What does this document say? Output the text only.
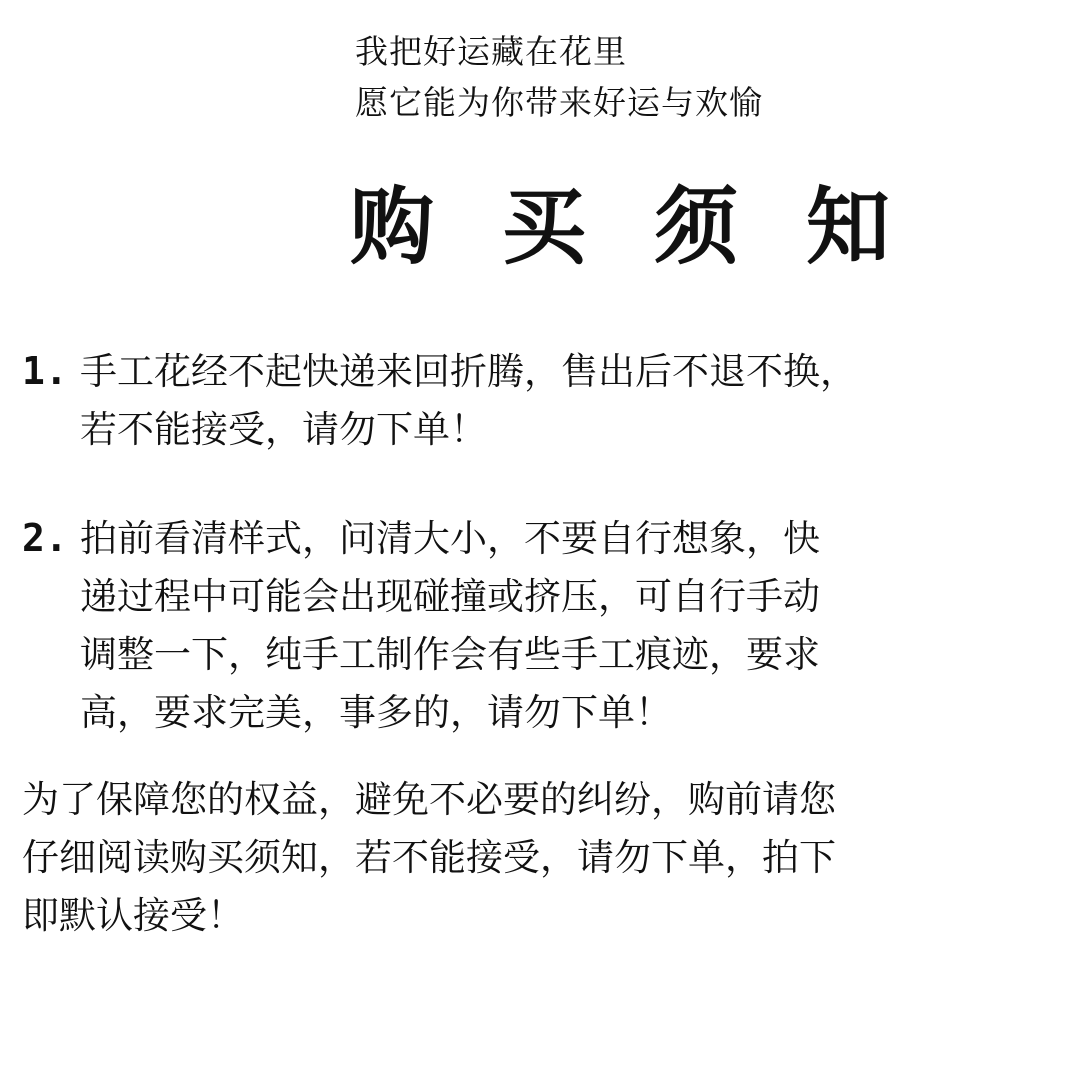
我把好运藏在花里
愿它能为你带来好运与欢愉
购买须知
1. 手工花经不起快递来回折腾，售出后不退不换，
若不能接受，请勿下单！
2. 拍前看清样式，问清大小，不要自行想象，快
递过程中可能会出现碰撞或挤压，可自行手动
调整一下，纯手工制作会有些手工痕迹，要求
高，要求完美，事多的，请勿下单！
为了保障您的权益，避免不必要的纠纷，购前请您
仔细阅读购买须知，若不能接受，请勿下单，拍下
即默认接受！
